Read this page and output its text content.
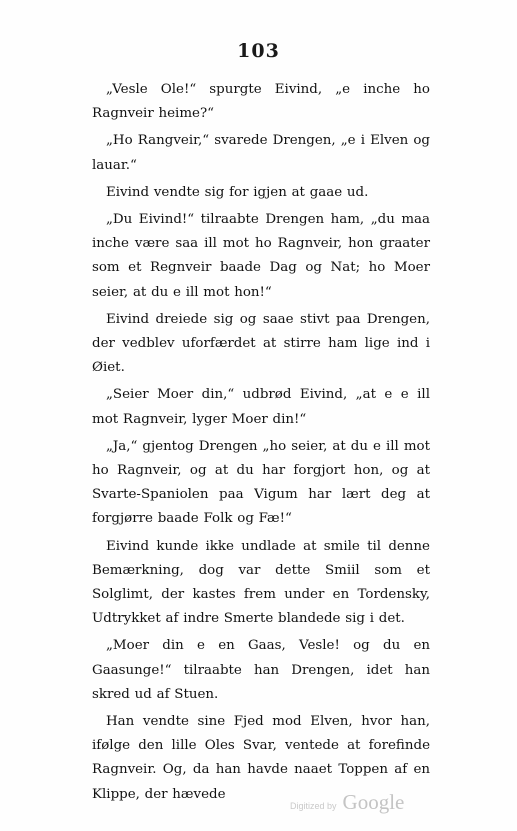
103

„Vesle Ole!“ spurgte Eivind, „e inche ho Ragnveir heime?“

„Ho Rangveir,“ svarede Drengen, „e i Elven og lauar.“

Eivind vendte sig for igjen at gaae ud.

„Du Eivind!“ tilraabte Drengen ham, „du maa inche være saa ill mot ho Ragnveir, hon graater som et Regnveir baade Dag og Nat; ho Moer seier, at du e ill mot hon!“

Eivind dreiede sig og saae stivt paa Drengen, der vedblev uforfærdet at stirre ham lige ind i Øiet.

„Seier Moer din,“ udbrød Eivind, „at e e ill mot Ragnveir, lyger Moer din!“

„Ja,“ gjentog Drengen „ho seier, at du e ill mot ho Ragnveir, og at du har forgjort hon, og at Svarte-Spaniolen paa Vigum har lært deg at forgjørre baade Folk og Fæ!“

Eivind kunde ikke undlade at smile til denne Bemærkning, dog var dette Smiil som et Solglimt, der kastes frem under en Tordensky, Udtrykket af indre Smerte blandede sig i det.

„Moer din e en Gaas, Vesle! og du en Gaasunge!“ tilraabte han Drengen, idet han skred ud af Stuen.

Han vendte sine Fjed mod Elven, hvor han, ifølge den lille Oles Svar, ventede at forefinde Ragnveir. Og, da han havde naaet Toppen af en Klippe, der hævede

Digitized by Google
